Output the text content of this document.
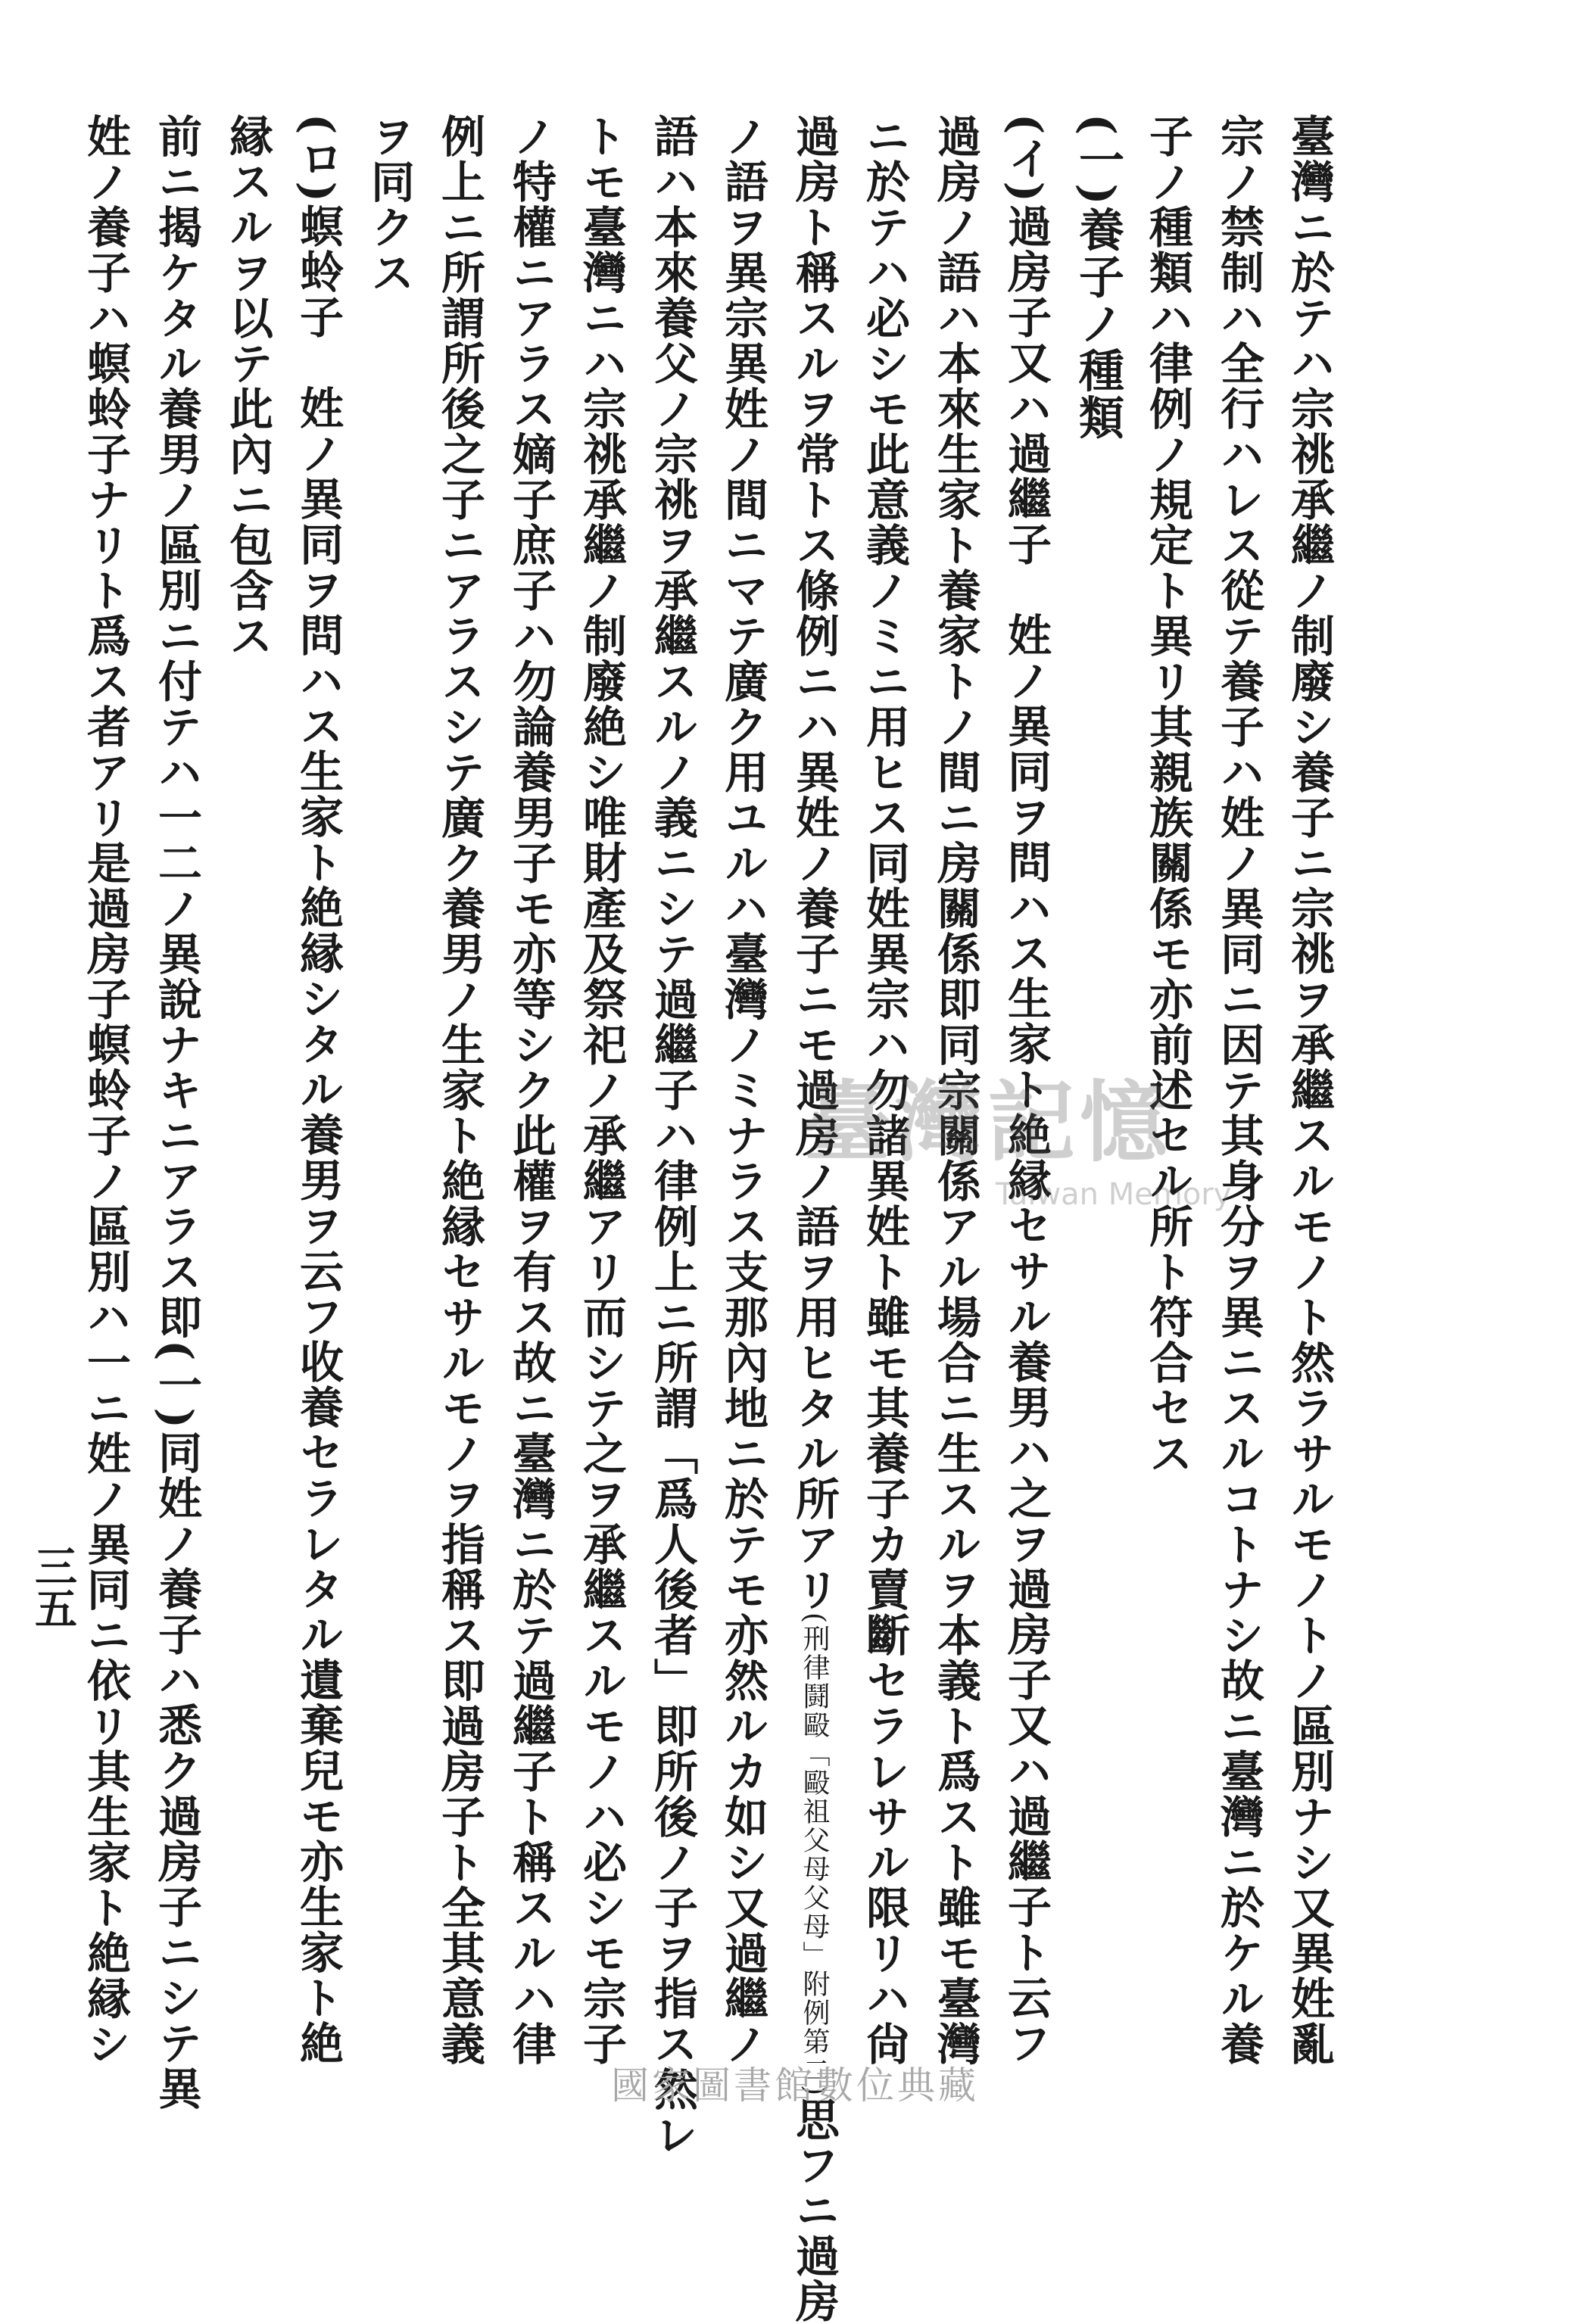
臺灣ニ於テハ宗祧承繼ノ制廢シ養子ニ宗祧ヲ承繼スルモノト然ラサルモノトノ區別ナシ又異姓亂
宗ノ禁制ハ全行ハレス從テ養子ハ姓ノ異同ニ因テ其身分ヲ異ニスルコトナシ故ニ臺灣ニ於ケル養
子ノ種類ハ律例ノ規定ト異リ其親族關係モ亦前述セル所ト符合セス
(一)養子ノ種類
(イ)過房子又ハ過繼子　姓ノ異同ヲ問ハス生家ト絶縁セサル養男ハ之ヲ過房子又ハ過繼子ト云フ
過房ノ語ハ本來生家ト養家トノ間ニ房關係即同宗關係アル場合ニ生スルヲ本義ト爲スト雖モ臺灣
ニ於テハ必シモ此意義ノミニ用ヒス同姓異宗ハ勿諸異姓ト雖モ其養子カ賣斷セラレサル限リハ尙
過房ト稱スルヲ常トス條例ニハ異姓ノ養子ニモ過房ノ語ヲ用ヒタル所アリ(刑律鬪毆「毆祖父母父母」附例第二)思フニ過房
ノ語ヲ異宗異姓ノ間ニマテ廣ク用ユルハ臺灣ノミナラス支那內地ニ於テモ亦然ルカ如シ又過繼ノ
語ハ本來養父ノ宗祧ヲ承繼スルノ義ニシテ過繼子ハ律例上ニ所謂「爲人後者」即所後ノ子ヲ指ス然レ
トモ臺灣ニハ宗祧承繼ノ制廢絶シ唯財產及祭祀ノ承繼アリ而シテ之ヲ承繼スルモノハ必シモ宗子
ノ特權ニアラス嫡子庶子ハ勿論養男子モ亦等シク此權ヲ有ス故ニ臺灣ニ於テ過繼子ト稱スルハ律
例上ニ所謂所後之子ニアラスシテ廣ク養男ノ生家ト絶縁セサルモノヲ指稱ス即過房子ト全其意義
ヲ同クス
(ロ)螟蛉子　姓ノ異同ヲ問ハス生家ト絶縁シタル養男ヲ云フ收養セラレタル遺棄兒モ亦生家ト絶
縁スルヲ以テ此內ニ包含ス
三五
臺灣記憶
Taiwan Memory
國家圖書館數位典藏
前ニ揭ケタル養男ノ區別ニ付テハ一二ノ異說ナキニアラス即(一)同姓ノ養子ハ悉ク過房子ニシテ異
姓ノ養子ハ螟蛉子ナリト爲ス者アリ是過房子螟蛉子ノ區別ハ一ニ姓ノ異同ニ依リ其生家ト絶縁シ
